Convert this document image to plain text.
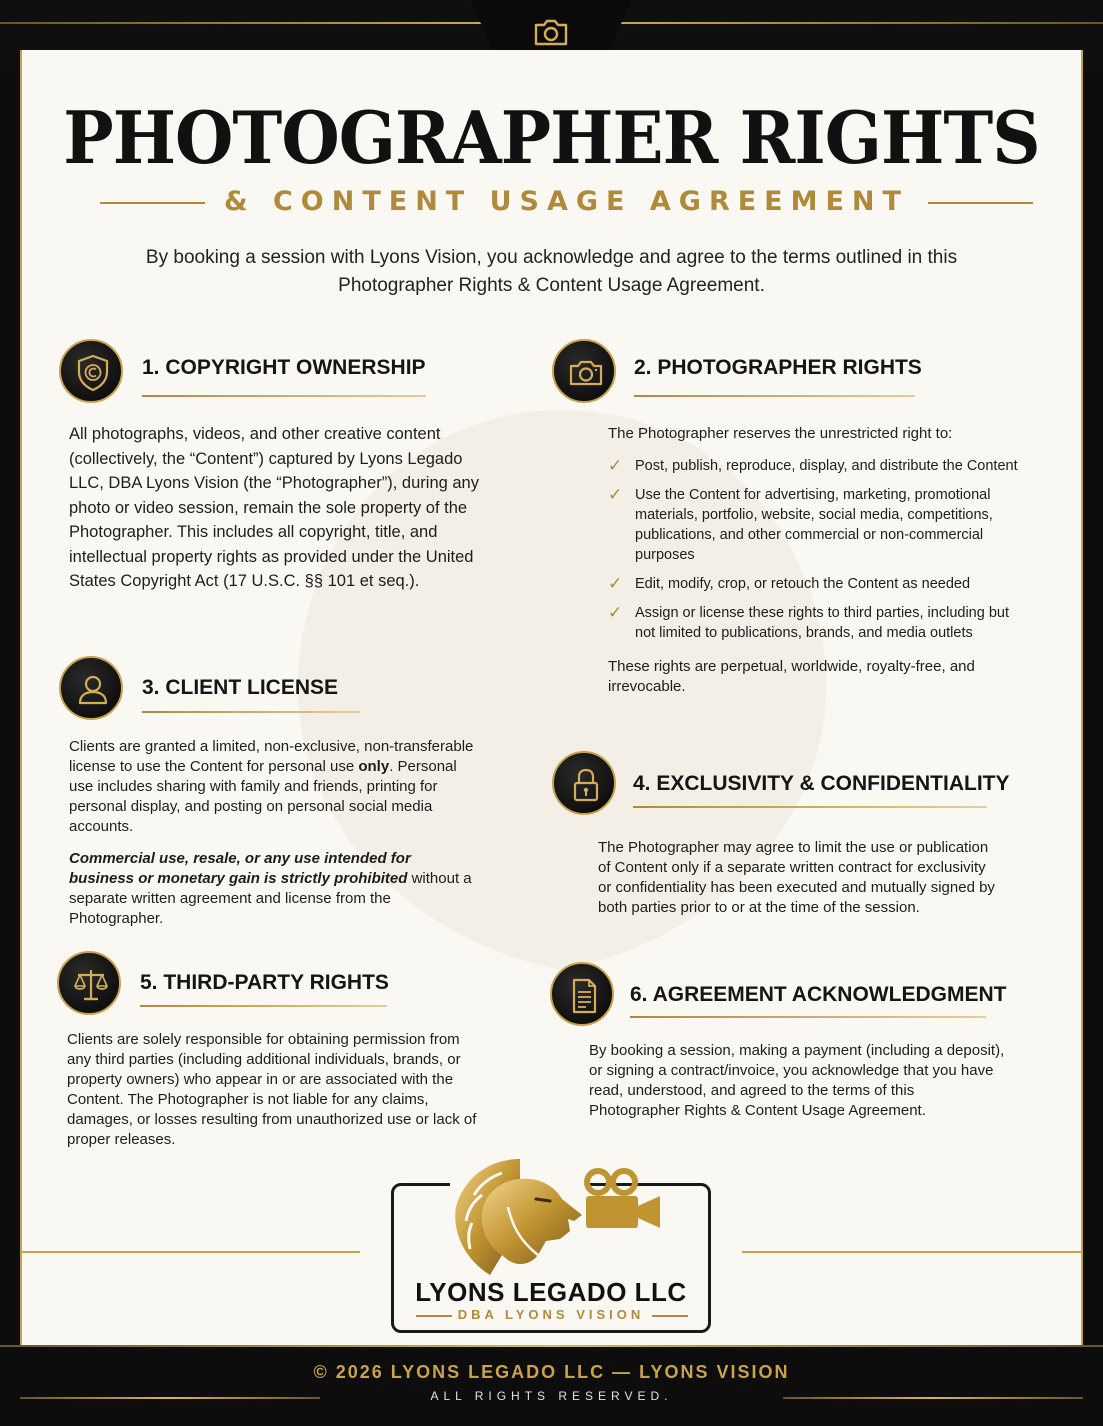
PHOTOGRAPHER RIGHTS
& CONTENT USAGE AGREEMENT
By booking a session with Lyons Vision, you acknowledge and agree to the terms outlined in this Photographer Rights & Content Usage Agreement.
1. COPYRIGHT OWNERSHIP
All photographs, videos, and other creative content (collectively, the “Content”) captured by Lyons Legado LLC, DBA Lyons Vision (the “Photographer”), during any photo or video session, remain the sole property of the Photographer. This includes all copyright, title, and intellectual property rights as provided under the United States Copyright Act (17 U.S.C. §§ 101 et seq.).
2. PHOTOGRAPHER RIGHTS

The Photographer reserves the unrestricted right to:

✓ Post, publish, reproduce, display, and distribute the Content
✓ Use the Content for advertising, marketing, promotional materials, portfolio, website, social media, competitions, publications, and other commercial or non-commercial purposes
✓ Edit, modify, crop, or retouch the Content as needed
✓ Assign or license these rights to third parties, including but not limited to publications, brands, and media outlets

These rights are perpetual, worldwide, royalty-free, and irrevocable.

3. CLIENT LICENSE

Clients are granted a limited, non-exclusive, non-transferable license to use the Content for personal use only. Personal use includes sharing with family and friends, printing for personal display, and posting on personal social media accounts.

Commercial use, resale, or any use intended for business or monetary gain is strictly prohibited without a separate written agreement and license from the Photographer.

4. EXCLUSIVITY & CONFIDENTIALITY
The Photographer may agree to limit the use or publication of Content only if a separate written contract for exclusivity or confidentiality has been executed and mutually signed by both parties prior to or at the time of the session.
5. THIRD-PARTY RIGHTS
Clients are solely responsible for obtaining permission from any third parties (including additional individuals, brands, or property owners) who appear in or are associated with the Content. The Photographer is not liable for any claims, damages, or losses resulting from unauthorized use or lack of proper releases.
6. AGREEMENT ACKNOWLEDGMENT
By booking a session, making a payment (including a deposit), or signing a contract/invoice, you acknowledge that you have read, understood, and agreed to the terms of this Photographer Rights & Content Usage Agreement.
LYONS LEGADO LLC
DBA LYONS VISION
© 2026 LYONS LEGADO LLC — LYONS VISION
ALL RIGHTS RESERVED.
